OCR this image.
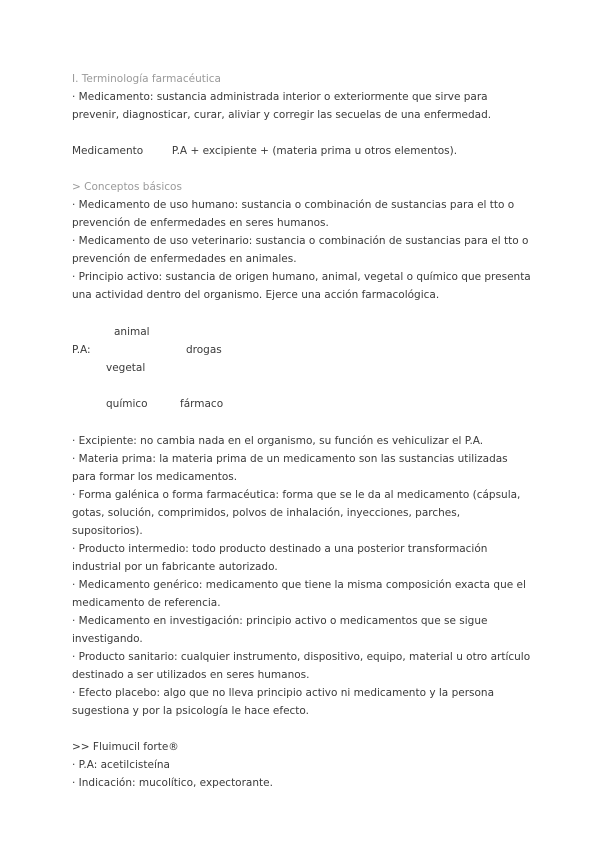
I. Terminología farmacéutica
· Medicamento: sustancia administrada interior o exteriormente que sirve para prevenir, diagnosticar, curar, aliviar y corregir las secuelas de una enfermedad.
Medicamento	P.A + excipiente + (materia prima u otros elementos).
> Conceptos básicos

· Medicamento de uso humano: sustancia o combinación de sustancias para el tto o prevención de enfermedades en seres humanos.

· Medicamento de uso veterinario: sustancia o combinación de sustancias para el tto o prevención de enfermedades en animales.

· Principio activo: sustancia de origen humano, animal, vegetal o químico que presenta una actividad dentro del organismo. Ejerce una acción farmacológica.

animal
P.A:	drogas
vegetal
químico	fármaco

· Excipiente: no cambia nada en el organismo, su función es vehiculizar el P.A.

· Materia prima: la materia prima de un medicamento son las sustancias utilizadas para formar los medicamentos.

· Forma galénica o forma farmacéutica: forma que se le da al medicamento (cápsula, gotas, solución, comprimidos, polvos de inhalación, inyecciones, parches, supositorios).

· Producto intermedio: todo producto destinado a una posterior transformación industrial por un fabricante autorizado.

· Medicamento genérico: medicamento que tiene la misma composición exacta que el medicamento de referencia.

· Medicamento en investigación: principio activo o medicamentos que se sigue investigando.

· Producto sanitario: cualquier instrumento, dispositivo, equipo, material u otro artículo destinado a ser utilizados en seres humanos.

· Efecto placebo: algo que no lleva principio activo ni medicamento y la persona sugestiona y por la psicología le hace efecto.

>> Fluimucil forte®
· P.A: acetilcisteína
· Indicación: mucolítico, expectorante.
